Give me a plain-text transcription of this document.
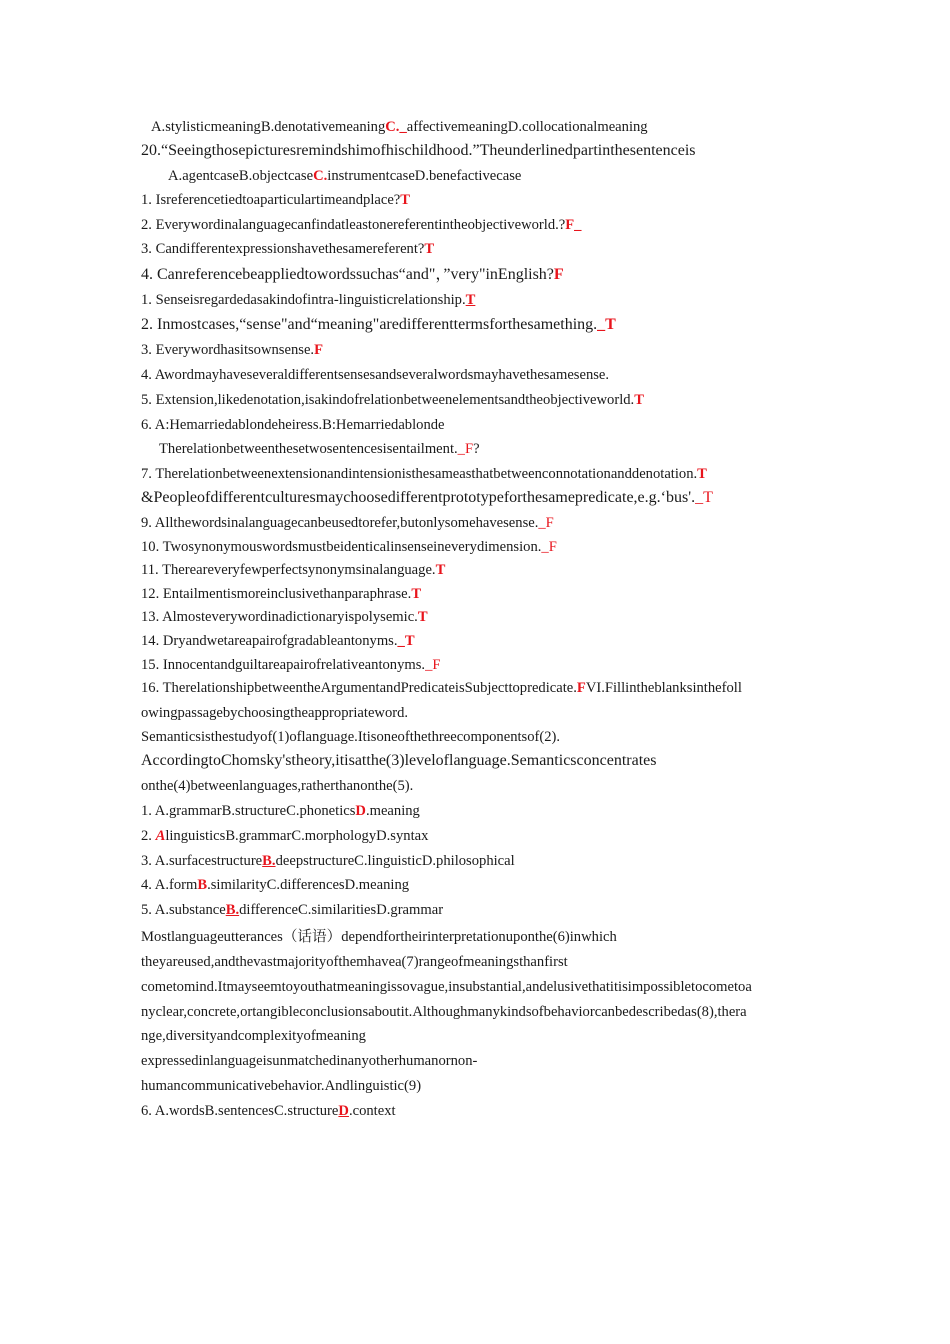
A.stylisticmeaningB.denotativemeaningC._affectivemeaningD.collocationalmeaning
20.“Seeingthosepicturesremindshimofhischildhood.”Theunderlinedpartinthesentenceis
A.agentcaseB.objectcaseC.instrumentcaseD.benefactivecase
1. Isreferencetiedtoaparticulartimeandplace?T
2. Everywordinalanguagecanfindatleastonereferentintheobjectiveworld.?F_
3. Candifferentexpressionshavethesamereferent?T
4. Canreferencebeappliedtowordssuchas“and"，”very"inEnglish?F
1. Senseisregardedasakindofintra-linguisticrelationship.T
2. Inmostcases,“sense"and“meaning"aredifferenttermsforthesamething._T
3. Everywordhasitsownsense.F
4. Awordmayhaveseveraldifferentsensesandseveralwordsmayhavethesamesense.
5. Extension,likedenotation,isakindofrelationbetweenelementsandtheobjectiveworld.T
6. A:Hemarriedablondeheiress.B:Hemarriedablonde
Therelationbetweenthesetwosentencesisentailment._F?
7. Therelationbetweenextensionandintensionisthesameasthatbetweenconnotationanddenotation.T
&Peopleofdifferentculturesmaychoosedifferentprototypeforthesamepredicate,e.g.‘bus'._T
9. Allthewordsinalanguagecanbeusedtorefer,butonlysomehavesense._F
10. Twosynonymouswordsmustbeidenticalinsenseineverydimension._F
11. Thereareveryfewperfectsynonymsinalanguage.T
12. Entailmentismoreinclusivethanparaphrase.T
13. Almosteverywordinadictionaryispolysemic.T
14. Dryandwetareapairofgradableantonyms._T
15. Innocentandguiltareapairofrelativeantonyms._F
16. TherelationshipbetweentheArgumentandPredicateisSubjecttopredicate.FVI.Fillintheblanksinthefoll
owingpassagebychoosingtheappropriateword.
Semanticsisthestudyof(1)oflanguage.Itisoneofthethreecomponentsof(2).
AccordingtoChomsky'stheory,itisatthe(3)leveloflanguage.Semanticsconcentrates
onthe(4)betweenlanguages,ratherthanonthe(5).
1. A.grammarB.structureC.phoneticsD.meaning
2. AlinguisticsB.grammarC.morphologyD.syntax
3. A.surfacestructureB.deepstructureC.linguisticD.philosophical
4. A.formB.similarityC.differencesD.meaning
5. A.substanceB.differenceC.similaritiesD.grammar
Mostlanguageutterances（话语）dependfortheirinterpretationuponthe(6)inwhich
theyareused,andthevastmajorityofthemhavea(7)rangeofmeaningsthanfirst
cometomind.Itmayseemtoyouthatmeaningissovague,insubstantial,andelusivethatitisimpossibletocometoa
nyclear,concrete,ortangibleconclusionsaboutit.Althoughmanykindsofbehaviorcanbedescribedas(8),thera
nge,diversityandcomplexityofmeaning
expressedinlanguageisunmatchedinanyotherhumanornon-
humancommunicativebehavior.Andlinguistic(9)
6. A.wordsB.sentencesC.structureD.context
